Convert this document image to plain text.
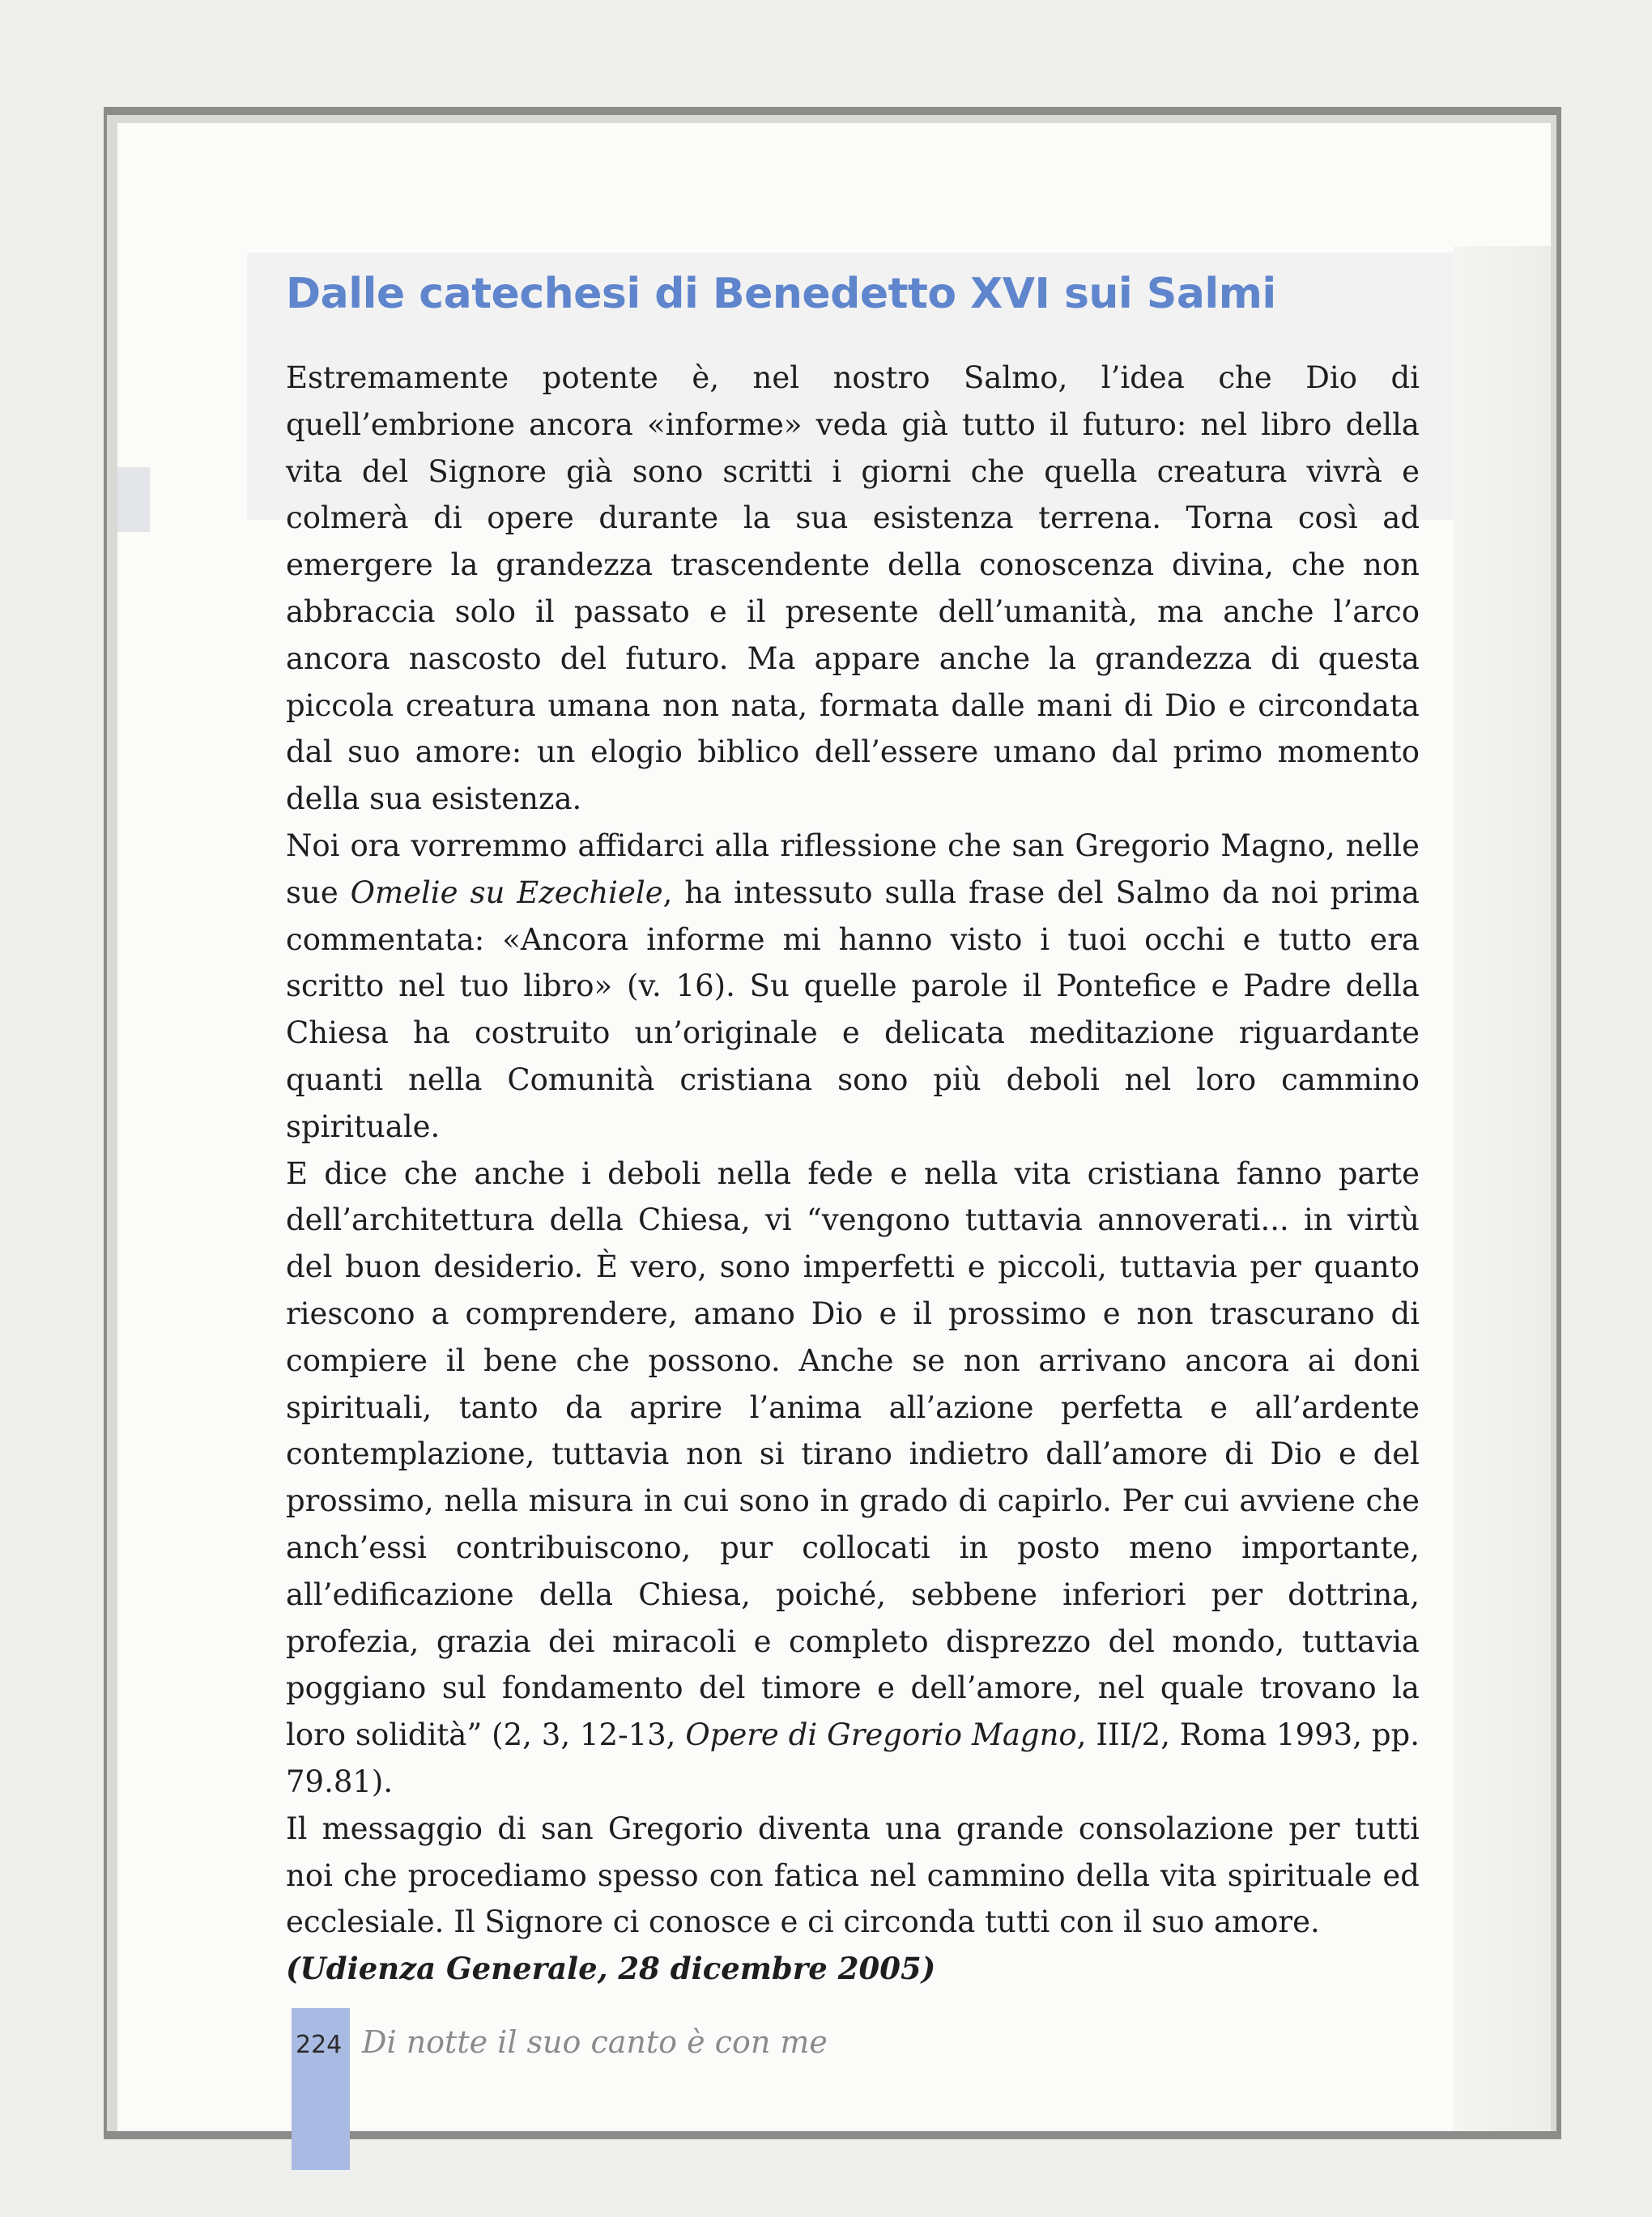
Dalle catechesi di Benedetto XVI sui Salmi

Estremamente potente è, nel nostro Salmo, l’idea che Dio di quell’embrione ancora «informe» veda già tutto il futuro: nel libro della vita del Signore già sono scritti i giorni che quella creatura vivrà e colmerà di opere durante la sua esistenza terrena. Torna così ad emergere la grandezza trascendente della conoscenza divina, che non abbraccia solo il passato e il presente dell’umanità, ma anche l’arco ancora nascosto del futuro. Ma appare anche la grandezza di questa piccola creatura umana non nata, formata dalle mani di Dio e circondata dal suo amore: un elogio biblico dell’essere umano dal primo momento della sua esistenza.

Noi ora vorremmo affidarci alla riflessione che san Gregorio Magno, nelle sue Omelie su Ezechiele, ha intessuto sulla frase del Salmo da noi prima commentata: «Ancora informe mi hanno visto i tuoi occhi e tutto era scritto nel tuo libro» (v. 16). Su quelle parole il Pontefice e Padre della Chiesa ha costruito un’originale e delicata meditazione riguardante quanti nella Comunità cristiana sono più deboli nel loro cammino spirituale.

E dice che anche i deboli nella fede e nella vita cristiana fanno parte dell’architettura della Chiesa, vi “vengono tuttavia annoverati... in virtù del buon desiderio. È vero, sono imperfetti e piccoli, tuttavia per quanto riescono a comprendere, amano Dio e il prossimo e non trascurano di compiere il bene che possono. Anche se non arrivano ancora ai doni spirituali, tanto da aprire l’anima all’azione perfetta e all’ardente contemplazione, tuttavia non si tirano indietro dall’amore di Dio e del prossimo, nella misura in cui sono in grado di capirlo. Per cui avviene che anch’essi contribuiscono, pur collocati in posto meno importante, all’edificazione della Chiesa, poiché, sebbene inferiori per dottrina, profezia, grazia dei miracoli e completo disprezzo del mondo, tuttavia poggiano sul fondamento del timore e dell’amore, nel quale trovano la loro solidità” (2, 3, 12-13, Opere di Gregorio Magno, III/2, Roma 1993, pp. 79.81).

Il messaggio di san Gregorio diventa una grande consolazione per tutti noi che procediamo spesso con fatica nel cammino della vita spirituale ed ecclesiale. Il Signore ci conosce e ci circonda tutti con il suo amore.

(Udienza Generale, 28 dicembre 2005)

224 Di notte il suo canto è con me
